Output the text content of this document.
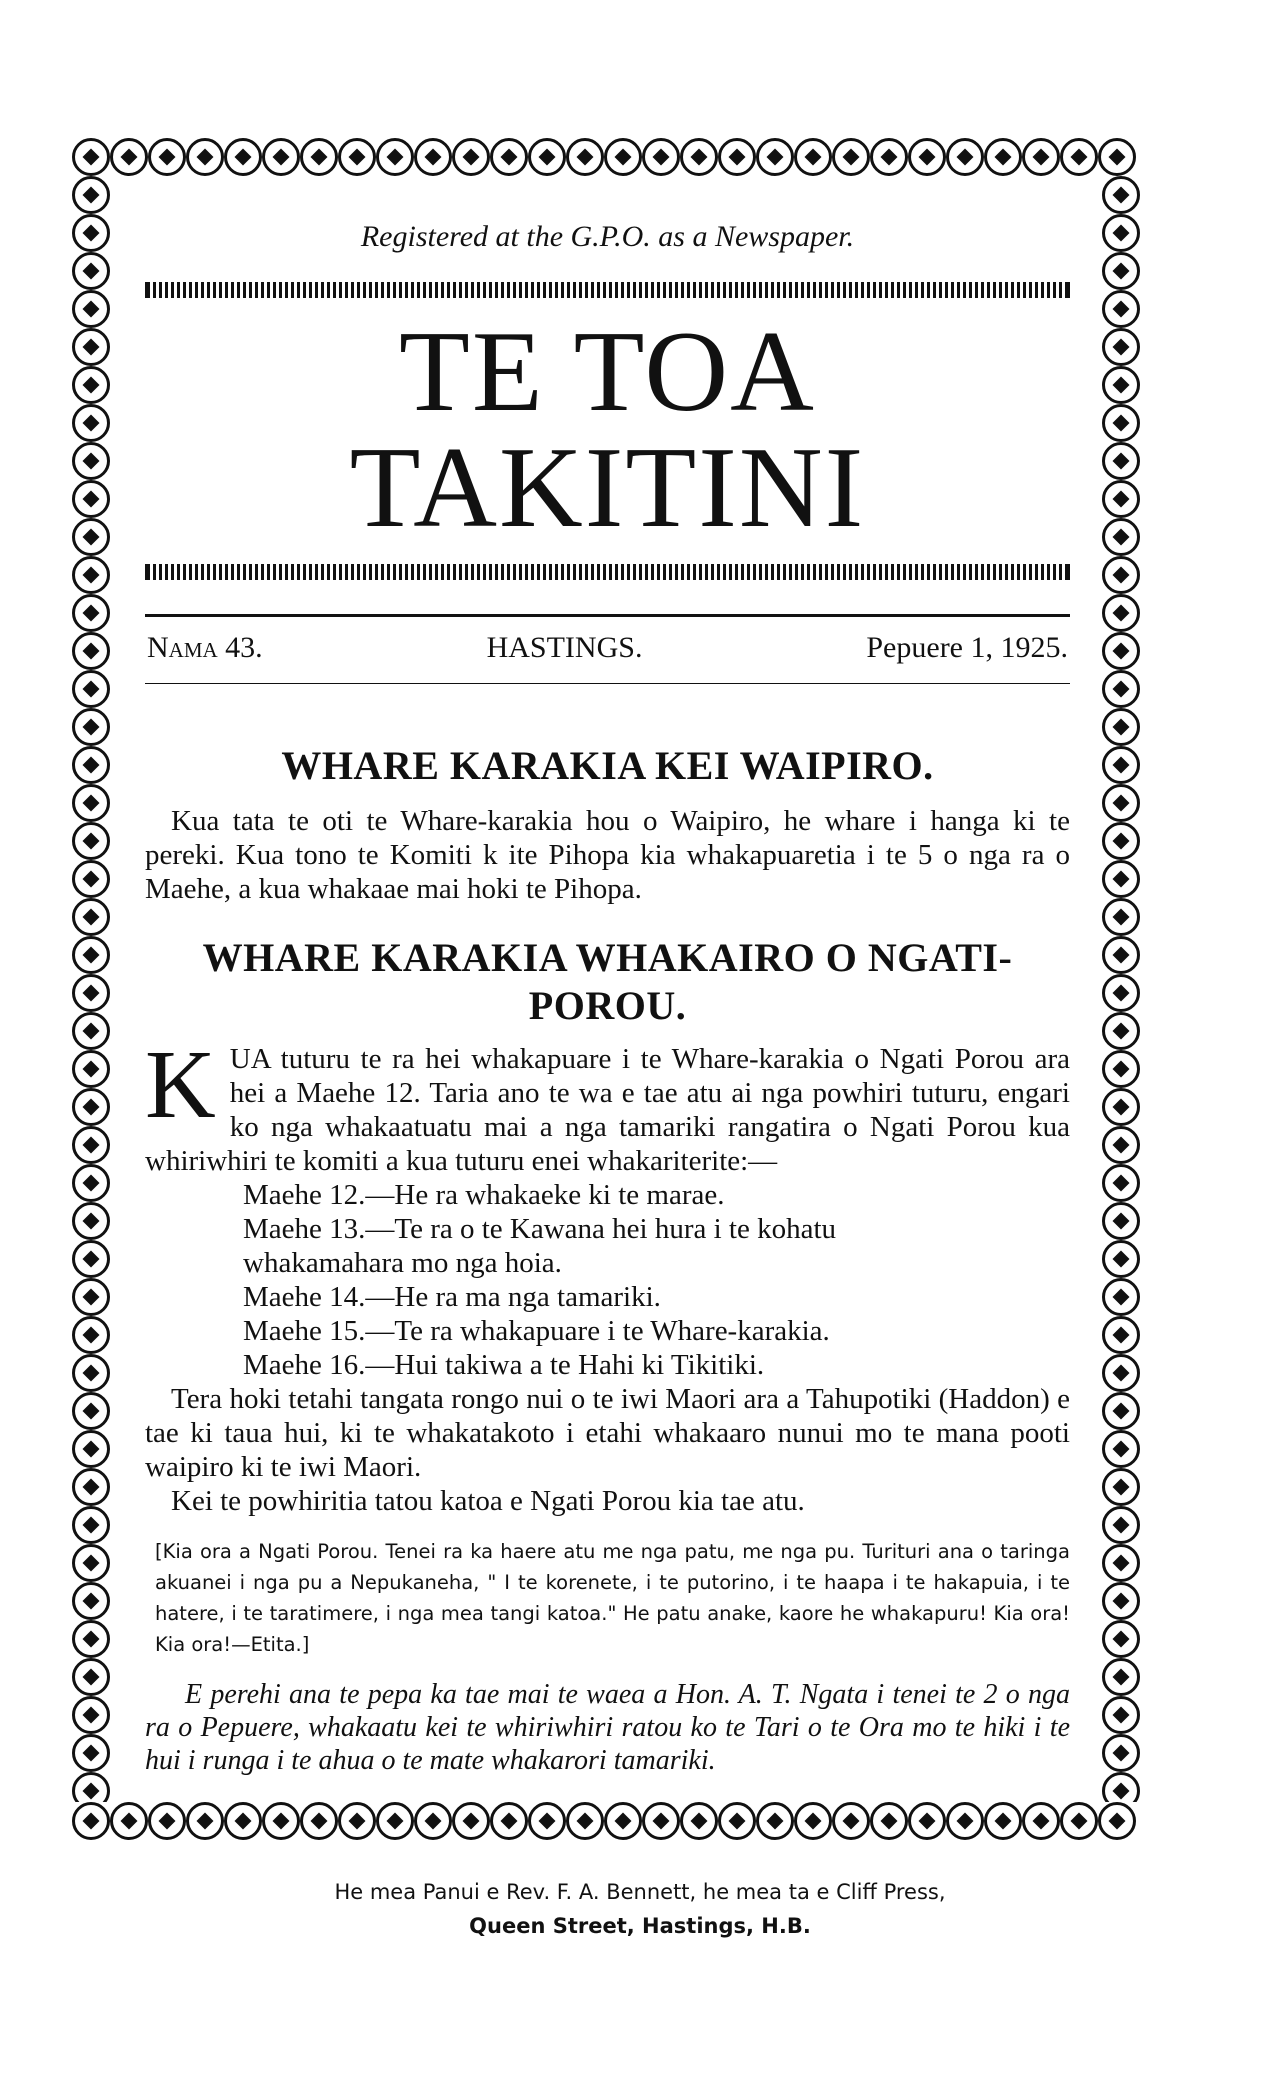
Registered at the G.P.O. as a Newspaper.
TE TOA TAKITINI
Nama 43.	HASTINGS.	Pepuere 1, 1925.
WHARE KARAKIA KEI WAIPIRO.

Kua tata te oti te Whare-karakia hou o Waipiro, he whare i hanga ki te pereki. Kua tono te Komiti k ite Pihopa kia whakapuaretia i te 5 o nga ra o Maehe, a kua whakaae mai hoki te Pihopa.

WHARE KARAKIA WHAKAIRO O NGATI-POROU.
K UA tuturu te ra hei whakapuare i te Whare-karakia o Ngati Porou ara hei a Maehe 12. Taria ano te wa e tae atu ai nga powhiri tuturu, engari ko nga whakaatuatu mai a nga tamariki rangatira o Ngati Porou kua whiriwhiri te komiti a kua tuturu enei whakariterite:—

Maehe 12.—He ra whakaeke ki te marae.

Maehe 13.—Te ra o te Kawana hei hura i te kohatu

whakamahara mo nga hoia.

Maehe 14.—He ra ma nga tamariki.

Maehe 15.—Te ra whakapuare i te Whare-karakia.

Maehe 16.—Hui takiwa a te Hahi ki Tikitiki.

Tera hoki tetahi tangata rongo nui o te iwi Maori ara a Tahupotiki (Haddon) e tae ki taua hui, ki te whakatakoto i etahi whakaaro nunui mo te mana pooti waipiro ki te iwi Maori.

Kei te powhiritia tatou katoa e Ngati Porou kia tae atu.

[Kia ora a Ngati Porou. Tenei ra ka haere atu me nga patu, me nga pu. Turituri ana o taringa akuanei i nga pu a Nepukaneha, " I te korenete, i te putorino, i te haapa i te hakapuia, i te hatere, i te taratimere, i nga mea tangi katoa." He patu anake, kaore he whakapuru! Kia ora! Kia ora!—Etita.]

E perehi ana te pepa ka tae mai te waea a Hon. A. T. Ngata i tenei te 2 o nga ra o Pepuere, whakaatu kei te whiriwhiri ratou ko te Tari o te Ora mo te hiki i te hui i runga i te ahua o te mate whakarori tamariki.

He mea Panui e Rev. F. A. Bennett, he mea ta e Cliff Press,
Queen Street, Hastings, H.B.
